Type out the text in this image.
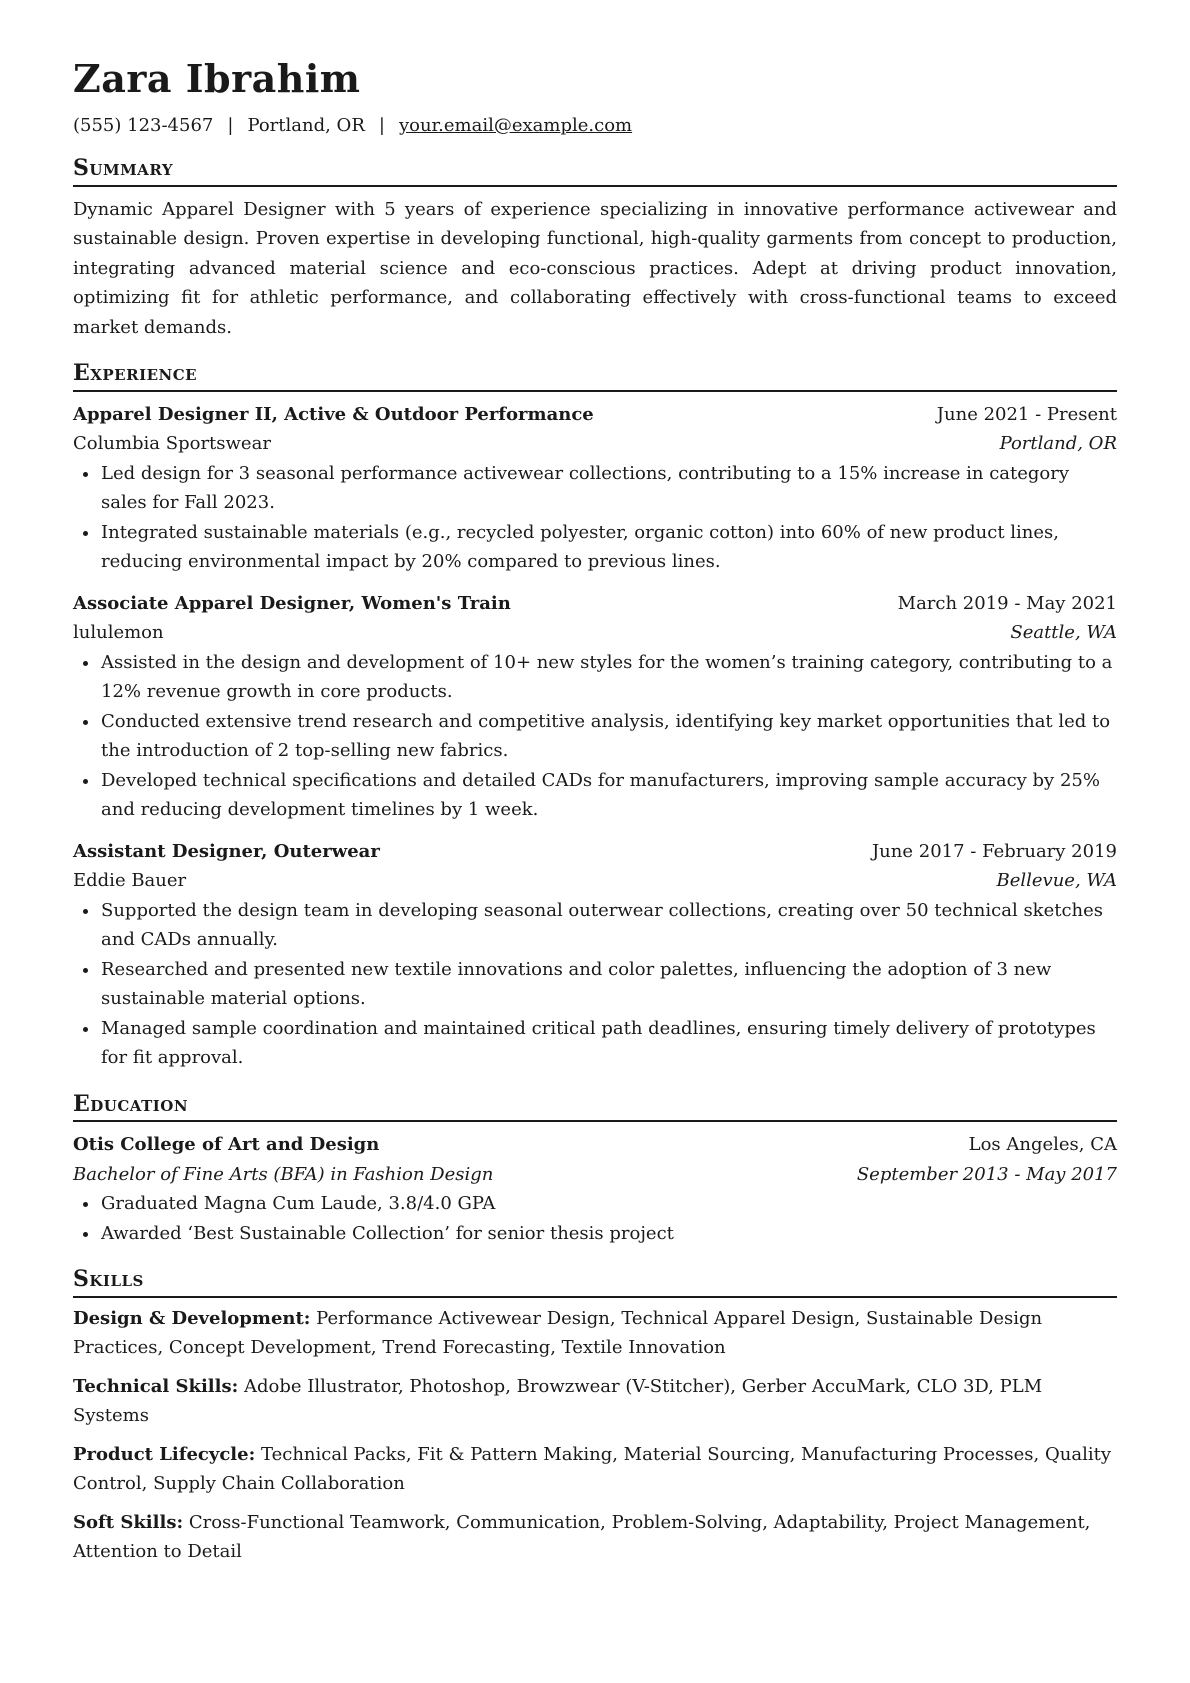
Zara Ibrahim
(555) 123-4567 | Portland, OR | your.email@example.com
Summary
Dynamic Apparel Designer with 5 years of experience specializing in innovative performance activewear and sustainable design. Proven expertise in developing functional, high-quality garments from concept to production, integrating advanced material science and eco-conscious practices. Adept at driving product innovation, optimizing fit for athletic performance, and collaborating effectively with cross-functional teams to exceed market demands.
Experience
Apparel Designer II, Active & Outdoor Performance	June 2021 - Present
Columbia Sportswear	Portland, OR
• Led design for 3 seasonal performance activewear collections, contributing to a 15% increase in category sales for Fall 2023.
• Integrated sustainable materials (e.g., recycled polyester, organic cotton) into 60% of new product lines, reducing environmental impact by 20% compared to previous lines.
Associate Apparel Designer, Women's Train	March 2019 - May 2021
lululemon	Seattle, WA
• Assisted in the design and development of 10+ new styles for the women’s training category, contributing to a 12% revenue growth in core products.
• Conducted extensive trend research and competitive analysis, identifying key market opportunities that led to the introduction of 2 top-selling new fabrics.
• Developed technical specifications and detailed CADs for manufacturers, improving sample accuracy by 25% and reducing development timelines by 1 week.
Assistant Designer, Outerwear	June 2017 - February 2019
Eddie Bauer	Bellevue, WA
• Supported the design team in developing seasonal outerwear collections, creating over 50 technical sketches and CADs annually.
• Researched and presented new textile innovations and color palettes, influencing the adoption of 3 new sustainable material options.
• Managed sample coordination and maintained critical path deadlines, ensuring timely delivery of prototypes for fit approval.
Education
Otis College of Art and Design	Los Angeles, CA
Bachelor of Fine Arts (BFA) in Fashion Design	September 2013 - May 2017
• Graduated Magna Cum Laude, 3.8/4.0 GPA
• Awarded ‘Best Sustainable Collection’ for senior thesis project
Skills
Design & Development: Performance Activewear Design, Technical Apparel Design, Sustainable Design Practices, Concept Development, Trend Forecasting, Textile Innovation
Technical Skills: Adobe Illustrator, Photoshop, Browzwear (V-Stitcher), Gerber AccuMark, CLO 3D, PLM Systems
Product Lifecycle: Technical Packs, Fit & Pattern Making, Material Sourcing, Manufacturing Processes, Quality Control, Supply Chain Collaboration
Soft Skills: Cross-Functional Teamwork, Communication, Problem-Solving, Adaptability, Project Management, Attention to Detail
